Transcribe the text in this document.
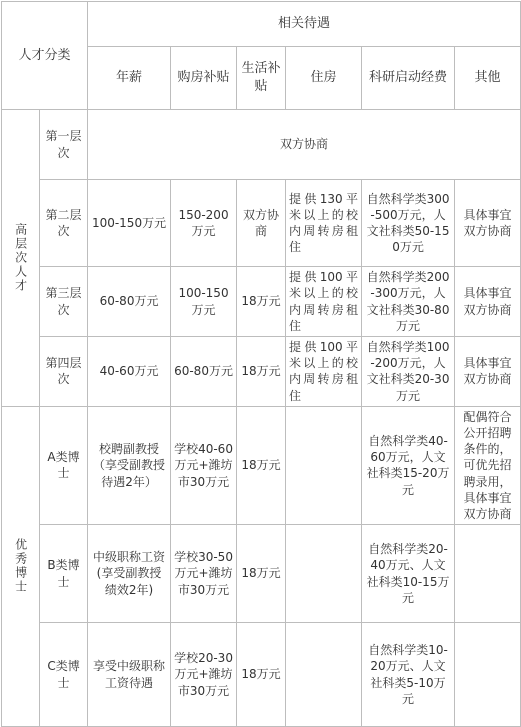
人才分类		相关待遇					
		年薪	购房补贴	生活补贴	住房	科研启动经费	其他

高层次人才	第一层次	双方协商					
	第二层次	100-150万元	150-200万元	双方协商	提供130平米以上的校内周转房租住	自然科学类300-500万元，人文社科类50-150万元	具体事宜双方协商
	第三层次	60-80万元	100-150万元	18万元	提供100平米以上的校内周转房租住	自然科学类200-300万元，人文社科类30-80万元	具体事宜双方协商
	第四层次	40-60万元	60-80万元	18万元	提供100平米以上的校内周转房租住	自然科学类100-200万元，人文社科类20-30万元	具体事宜双方协商

优秀博士	A类博士	校聘副教授（享受副教授待遇2年）	学校40-60万元+潍坊市30万元	18万元		自然科学类40-60万元，人文社科类15-20万元	配偶符合公开招聘条件的，可优先招聘录用，具体事宜双方协商
	B类博士	中级职称工资(享受副教授绩效2年)	学校30-50万元+潍坊市30万元	18万元		自然科学类20-40万元、人文社科类10-15万元	
	C类博士	享受中级职称工资待遇	学校20-30万元+潍坊市30万元	18万元		自然科学类10-20万元、人文社科类5-10万元	
